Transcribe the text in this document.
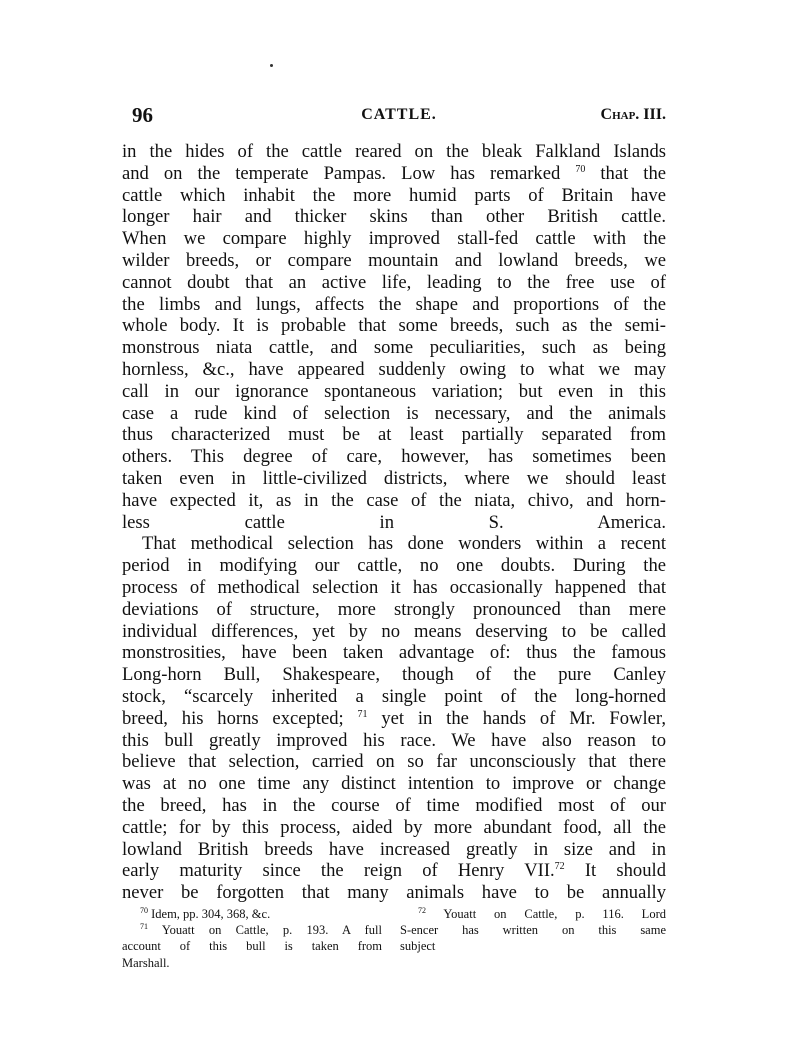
96	CATTLE.	Chap. III.
in the hides of the cattle reared on the bleak Falkland Islands
and on the temperate Pampas. Low has remarked $^{70}$ that the
cattle which inhabit the more humid parts of Britain have
longer hair and thicker skins than other British cattle.
When we compare highly improved stall-fed cattle with the
wilder breeds, or compare mountain and lowland breeds, we
cannot doubt that an active life, leading to the free use of
the limbs and lungs, affects the shape and proportions of the
whole body. It is probable that some breeds, such as the semi-
monstrous niata cattle, and some peculiarities, such as being
hornless, &c., have appeared suddenly owing to what we may
call in our ignorance spontaneous variation; but even in this
case a rude kind of selection is necessary, and the animals
thus characterized must be at least partially separated from
others. This degree of care, however, has sometimes been
taken even in little-civilized districts, where we should least
have expected it, as in the case of the niata, chivo, and horn-
less cattle in S. America.
That methodical selection has done wonders within a recent
period in modifying our cattle, no one doubts. During the
process of methodical selection it has occasionally happened that
deviations of structure, more strongly pronounced than mere
individual differences, yet by no means deserving to be called
monstrosities, have been taken advantage of: thus the famous
Long-horn Bull, Shakespeare, though of the pure Canley
stock, “scarcely inherited a single point of the long-horned
breed, his horns excepted; $^{71}$ yet in the hands of Mr. Fowler,
this bull greatly improved his race. We have also reason to
believe that selection, carried on so far unconsciously that there
was at no one time any distinct intention to improve or change
the breed, has in the course of time modified most of our
cattle; for by this process, aided by more abundant food, all the
lowland British breeds have increased greatly in size and in
early maturity since the reign of Henry VII.$^{72}$ It should
never be forgotten that many animals have to be annually
$^{70}$ Idem, pp. 304, 368, &c.
$^{71}$ Youatt on Cattle, p. 193. A full
account of this bull is taken from
Marshall.
$^{72}$ Youatt on Cattle, p. 116. Lord
S‐encer has written on this same
subject
